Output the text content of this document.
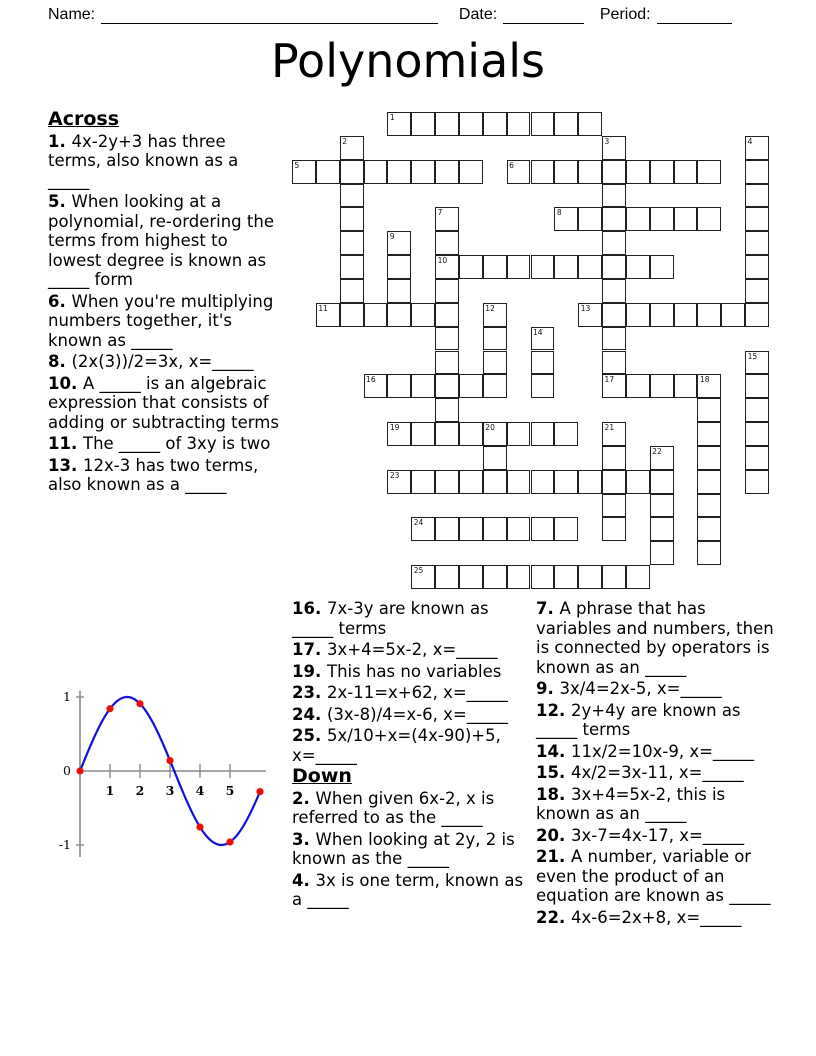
Name:	Date:	Period:
Polynomials

Across

1. 4x-2y+3 has three terms, also known as a _____

5. When looking at a polynomial, re-ordering the terms from highest to lowest degree is known as _____ form

6. When you're multiplying numbers together, it's known as _____

8. (2x(3))/2=3x, x=_____

10. A _____ is an algebraic expression that consists of adding or subtracting terms

11. The _____ of 3xy is two

13. 12x-3 has two terms, also known as a _____

1
5	6
8
10
11	13
16	17	18
19	20
23
24
25
2	3	4
7
9
12
14
15
21
22

16. 7x-3y are known as _____ terms

17. 3x+4=5x-2, x=_____

19. This has no variables

23. 2x-11=x+62, x=_____

24. (3x-8)/4=x-6, x=_____

25. 5x/10+x=(4x-90)+5, x=_____

Down

2. When given 6x-2, x is referred to as the _____

3. When looking at 2y, 2 is known as the _____

4. 3x is one term, known as a _____

7. A phrase that has variables and numbers, then is connected by operators is known as an _____

9. 3x/4=2x-5, x=_____

12. 2y+4y are known as _____ terms

14. 11x/2=10x-9, x=_____

15. 4x/2=3x-11, x=_____

18. 3x+4=5x-2, this is known as an _____

20. 3x-7=4x-17, x=_____

21. A number, variable or even the product of an equation are known as _____

22. 4x-6=2x+8, x=_____

1
0
-1
1 2 3 4 5
